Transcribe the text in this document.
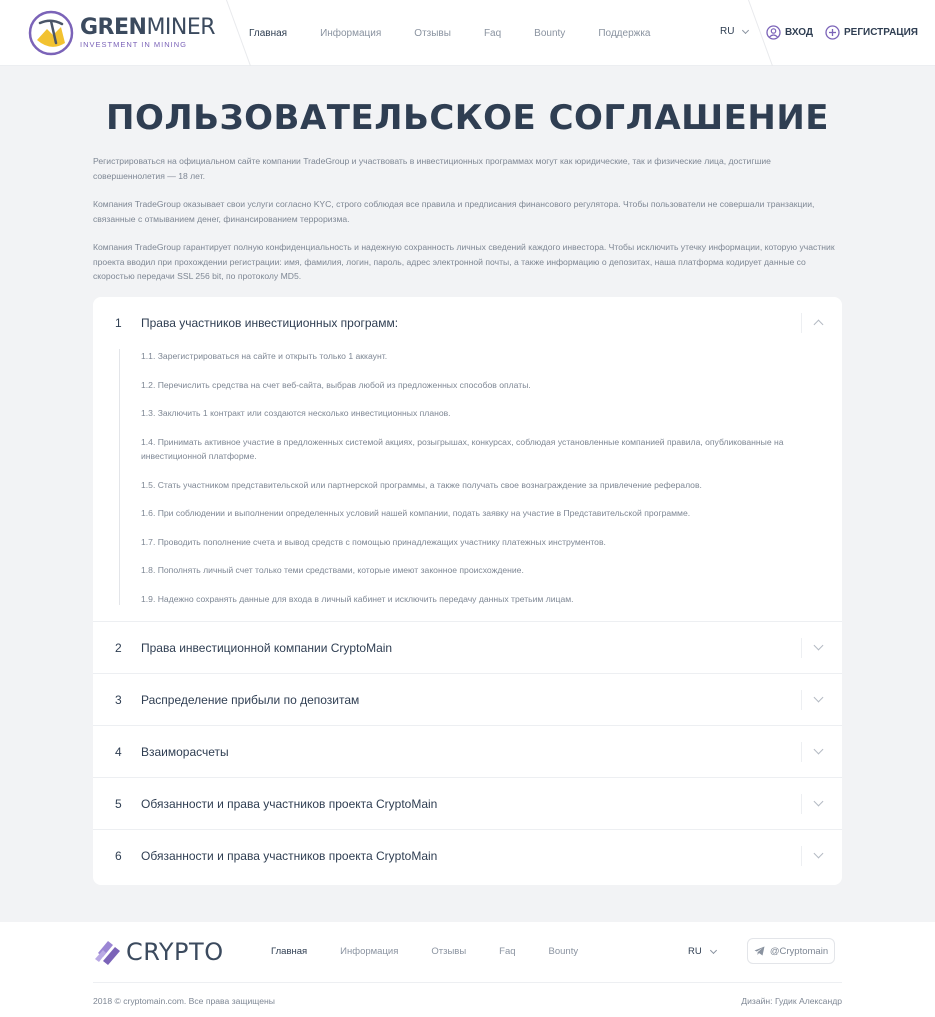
GRENMINER
INVESTMENT IN MINING
Главная	Информация	Отзывы	Faq	Bounty	Поддержка	RU	ВХОД	РЕГИСТРАЦИЯ
ПОЛЬЗОВАТЕЛЬСКОЕ СОГЛАШЕНИЕ

Регистрироваться на официальном сайте компании TradeGroup и участвовать в инвестиционных программах могут как юридические, так и физические лица, достигшие совершеннолетия — 18 лет.

Компания TradeGroup оказывает свои услуги согласно KYC, строго соблюдая все правила и предписания финансового регулятора. Чтобы пользователи не совершали транзакции, связанные с отмыванием денег, финансированием терроризма.

Компания TradeGroup гарантирует полную конфиденциальность и надежную сохранность личных сведений каждого инвестора. Чтобы исключить утечку информации, которую участник проекта вводил при прохождении регистрации: имя, фамилия, логин, пароль, адрес электронной почты, а также информацию о депозитах, наша платформа кодирует данные со скоростью передачи SSL 256 bit, по протоколу MD5.

1 Права участников инвестиционных программ:
1.1. Зарегистрироваться на сайте и открыть только 1 аккаунт.
1.2. Перечислить средства на счет веб-сайта, выбрав любой из предложенных способов оплаты.
1.3. Заключить 1 контракт или создаются несколько инвестиционных планов.
1.4. Принимать активное участие в предложенных системой акциях, розыгрышах, конкурсах, соблюдая установленные компанией правила, опубликованные на инвестиционной платформе.
1.5. Стать участником представительской или партнерской программы, а также получать свое вознаграждение за привлечение рефералов.
1.6. При соблюдении и выполнении определенных условий нашей компании, подать заявку на участие в Представительской программе.
1.7. Проводить пополнение счета и вывод средств с помощью принадлежащих участнику платежных инструментов.
1.8. Пополнять личный счет только теми средствами, которые имеют законное происхождение.
1.9. Надежно сохранять данные для входа в личный кабинет и исключить передачу данных третьим лицам.
2 Права инвестиционной компании CryptoMain
3 Распределение прибыли по депозитам
4 Взаиморасчеты
5 Обязанности и права участников проекта CryptoMain
6 Обязанности и права участников проекта CryptoMain
CRYPTO	Главная	Информация	Отзывы	Faq	Bounty	RU	@Cryptomain
2018 © cryptomain.com. Все права защищены	Дизайн: Гудик Александр
